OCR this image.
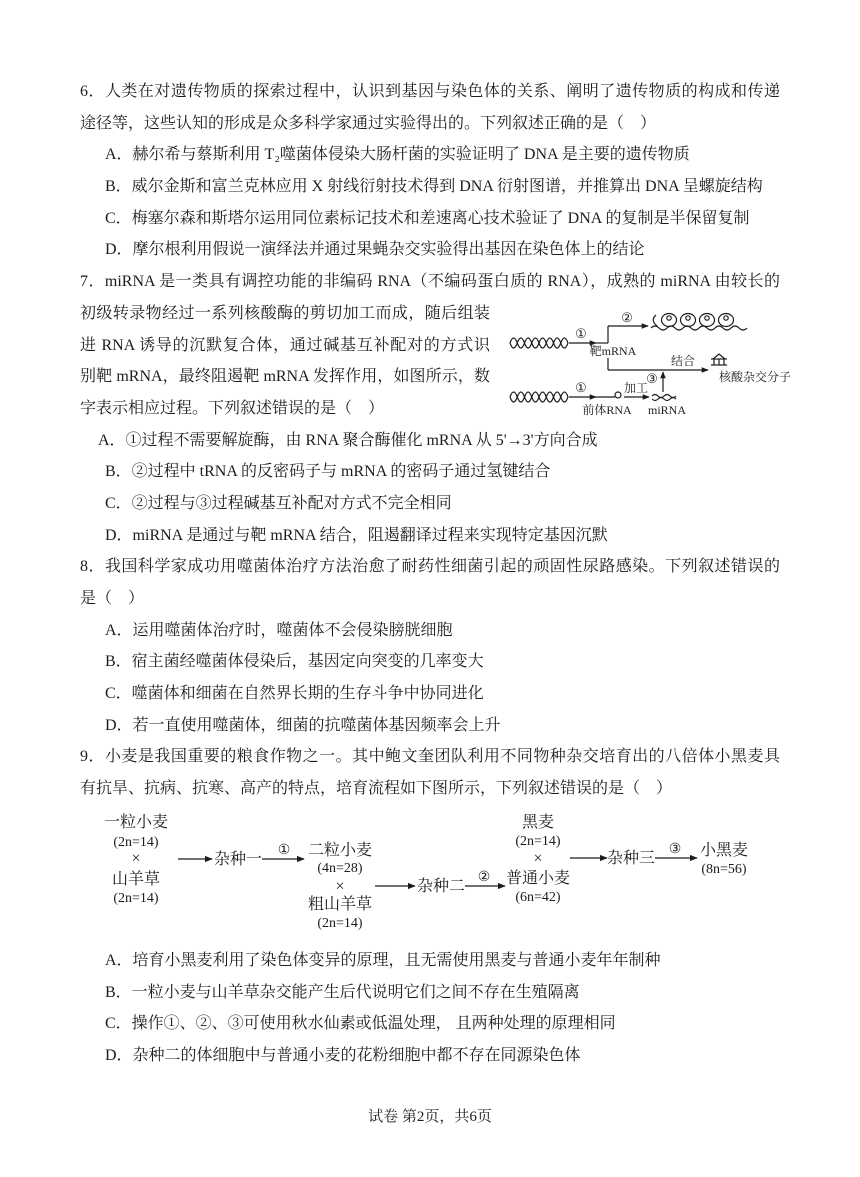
6．人类在对遗传物质的探索过程中，认识到基因与染色体的关系、阐明了遗传物质的构成和传递
途径等，这些认知的形成是众多科学家通过实验得出的。下列叙述正确的是（    ）
A．赫尔希与蔡斯利用 T₂噬菌体侵染大肠杆菌的实验证明了 DNA 是主要的遗传物质
B．威尔金斯和富兰克林应用 X 射线衍射技术得到 DNA 衍射图谱，并推算出 DNA 呈螺旋结构
C．梅塞尔森和斯塔尔运用同位素标记技术和差速离心技术验证了 DNA 的复制是半保留复制
D．摩尔根利用假说一演绎法并通过果蝇杂交实验得出基因在染色体上的结论
7．miRNA 是一类具有调控功能的非编码 RNA（不编码蛋白质的 RNA），成熟的 miRNA 由较长的
初级转录物经过一系列核酸酶的剪切加工而成，随后组装
进 RNA 诱导的沉默复合体，通过碱基互补配对的方式识
别靶 mRNA，最终阻遏靶 mRNA 发挥作用，如图所示，数
字表示相应过程。下列叙述错误的是（    ）
①
②
靶mRNA
结合
核酸杂交分子
③
①	加工
前体RNA miRNA
A．①过程不需要解旋酶，由 RNA 聚合酶催化 mRNA 从 5'→3'方向合成
B．②过程中 tRNA 的反密码子与 mRNA 的密码子通过氢键结合
C．②过程与③过程碱基互补配对方式不完全相同
D．miRNA 是通过与靶 mRNA 结合，阻遏翻译过程来实现特定基因沉默
8．我国科学家成功用噬菌体治疗方法治愈了耐药性细菌引起的顽固性尿路感染。下列叙述错误的
是（    ）
A．运用噬菌体治疗时，噬菌体不会侵染膀胱细胞
B．宿主菌经噬菌体侵染后，基因定向突变的几率变大
C．噬菌体和细菌在自然界长期的生存斗争中协同进化
D．若一直使用噬菌体，细菌的抗噬菌体基因频率会上升
9．小麦是我国重要的粮食作物之一。其中鲍文奎团队利用不同物种杂交培育出的八倍体小黑麦具
有抗旱、抗病、抗寒、高产的特点，培育流程如下图所示，下列叙述错误的是（    ）
一粒小麦
(2n=14)
×
山羊草
(2n=14)
杂种一
① 二粒小麦
(4n=28)
×
粗山羊草
(2n=14)
杂种二
②
黑麦
(2n=14)
×
普通小麦
(6n=42)
杂种三
③ 小黑麦
(8n=56)
A．培育小黑麦利用了染色体变异的原理，且无需使用黑麦与普通小麦年年制种
B．一粒小麦与山羊草杂交能产生后代说明它们之间不存在生殖隔离
C．操作①、②、③可使用秋水仙素或低温处理， 且两种处理的原理相同
D．杂种二的体细胞中与普通小麦的花粉细胞中都不存在同源染色体
试卷 第2页，共6页
